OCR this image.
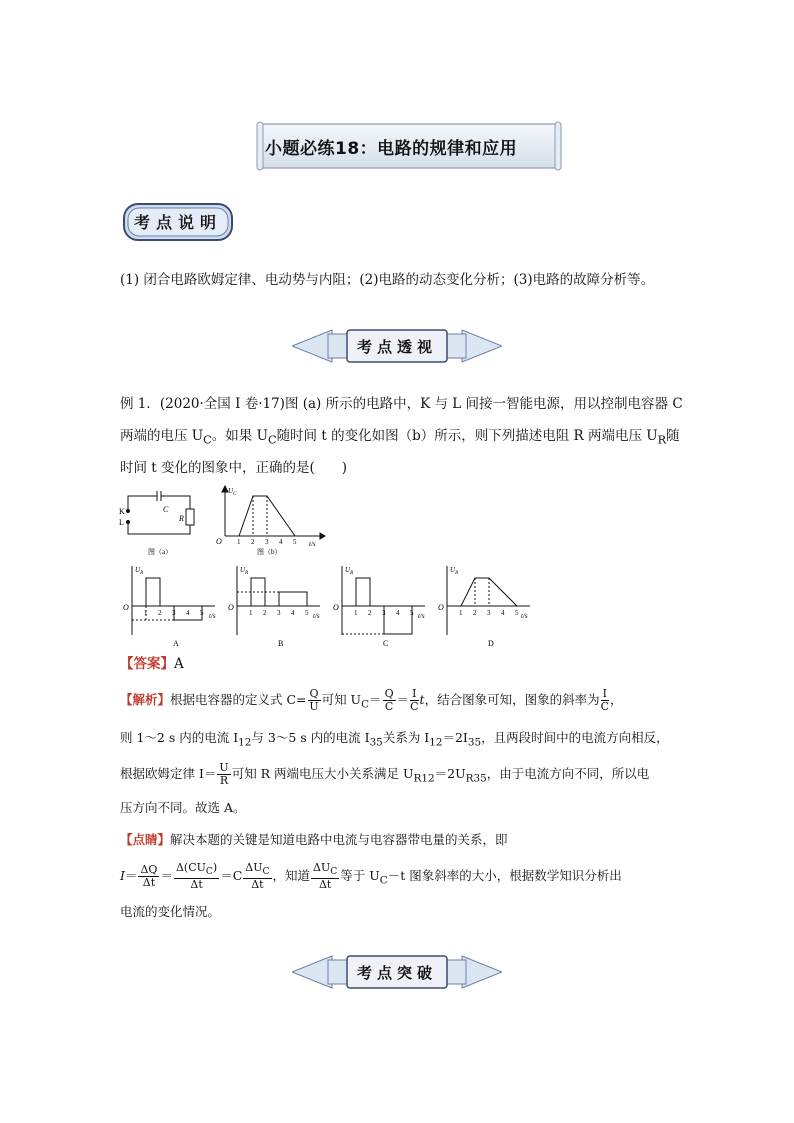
小题必练18：电路的规律和应用
考点说明
(1) 闭合电路欧姆定律、电动势与内阻；(2)电路的动态变化分析；(3)电路的故障分析等。
考点透视
例 1．(2020·全国 I 卷·17)图 (a) 所示的电路中，K 与 L 间接一智能电源，用以控制电容器 C
两端的电压 $U_C$。如果 $U_C$随时间 t 的变化如图（b）所示，则下列描述电阻 R 两端电压 $U_R$随
时间 t 变化的图象中，正确的是(　　)
K
L
C
R
图（a）
$U_C$
O 1 2 3 4 5 t/s
图（b）
$U_R$
O
1 2 3 4 5 t/s
A
$U_R$
O
1 2 3 4 5 t/s
B
$U_R$
O
1 2 3 4 5 t/s
C
$U_R$
O
1 2 3 4 5 t/s
D
【答案】A
【解析】根据电容器的定义式 $C= \frac{Q}{U}$ 可知 $U_C= \frac{Q}{C} = \frac{I}{C}$ t，结合图象可知，图象的斜率为 $\frac{I}{C}$ ，
则 1～2 s 内的电流 $I_{12}$与 3～5 s 内的电流 $I_{35}$关系为 $I_{12}=2I_{35}$，且两段时间中的电流方向相反，
根据欧姆定律 $I= \frac{U}{R}$ 可知 R 两端电压大小关系满足 $U_{R12}=2U_{R35}$，由于电流方向不同，所以电
压方向不同。故选 A。
【点睛】解决本题的关键是知道电路中电流与电容器带电量的关系，即
$I= \frac{\Delta Q}{\Delta t} = \frac{\Delta(CU_C)}{\Delta t} =C \frac{\Delta U_C}{\Delta t}$ ，知道 $\frac{\Delta U_C}{\Delta t}$ 等于 $U_C-t$ 图象斜率的大小，根据数学知识分析出
电流的变化情况。
考点突破
